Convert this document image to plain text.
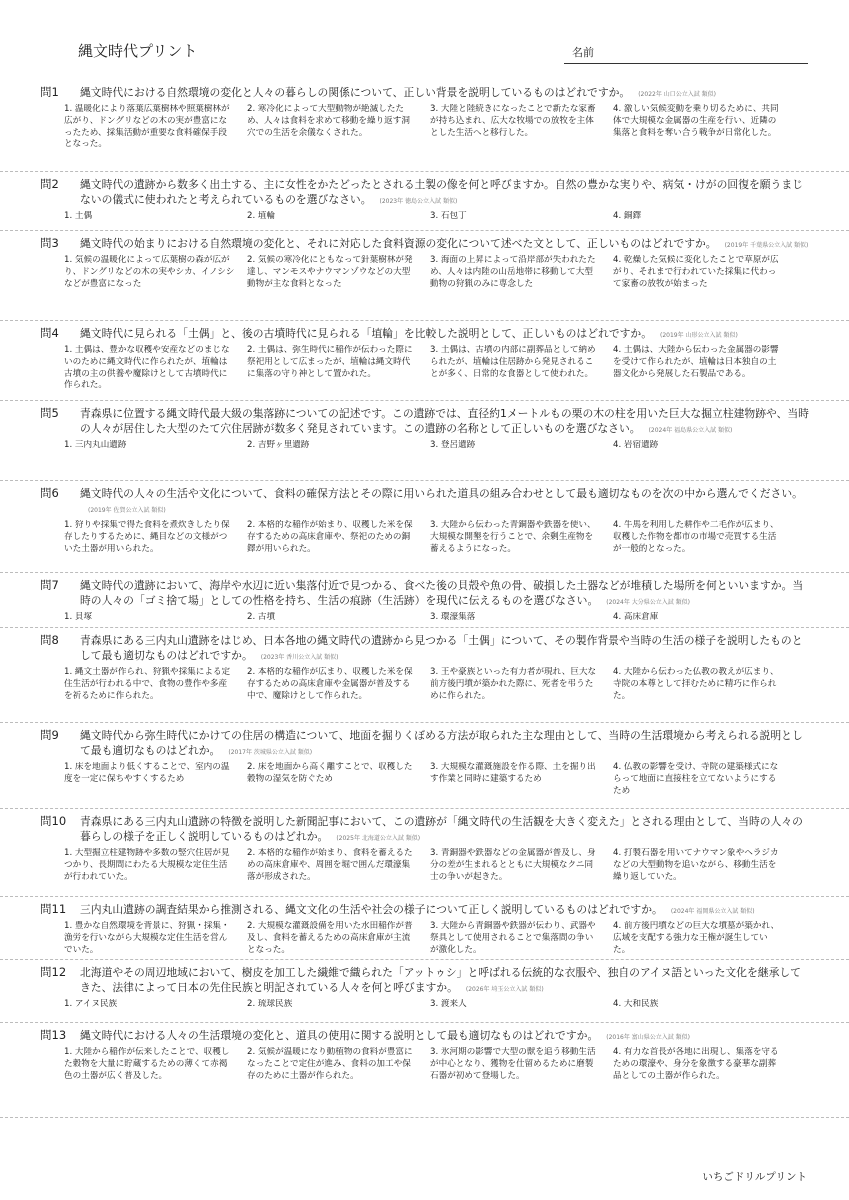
縄文時代プリント	名前
問1	縄文時代における自然環境の変化と人々の暮らしの関係について、正しい背景を説明しているものはどれですか。 (2022年 山口公立入試 類似)
1. 温暖化により落葉広葉樹林や照葉樹林が広がり、ドングリなどの木の実が豊富になったため、採集活動が重要な食料確保手段となった。
2. 寒冷化によって大型動物が絶滅したため、人々は食料を求めて移動を繰り返す洞穴での生活を余儀なくされた。
3. 大陸と陸続きになったことで新たな家畜が持ち込まれ、広大な牧場での放牧を主体とした生活へと移行した。
4. 激しい気候変動を乗り切るために、共同体で大規模な金属器の生産を行い、近隣の集落と食料を奪い合う戦争が日常化した。
問2	縄文時代の遺跡から数多く出土する、主に女性をかたどったとされる土製の像を何と呼びますか。自然の豊かな実りや、病気・けがの回復を願うまじないの儀式に使われたと考えられているものを選びなさい。 (2023年 徳島公立入試 類似)
1. 土偶	2. 埴輪	3. 石包丁	4. 銅鐸
問3	縄文時代の始まりにおける自然環境の変化と、それに対応した食料資源の変化について述べた文として、正しいものはどれですか。 (2019年 千葉県公立入試 類似)
1. 気候の温暖化によって広葉樹の森が広がり、ドングリなどの木の実やシカ、イノシシなどが豊富になった
2. 気候の寒冷化にともなって針葉樹林が発達し、マンモスやナウマンゾウなどの大型動物が主な食料となった
3. 海面の上昇によって沿岸部が失われたため、人々は内陸の山岳地帯に移動して大型動物の狩猟のみに専念した
4. 乾燥した気候に変化したことで草原が広がり、それまで行われていた採集に代わって家畜の放牧が始まった
問4	縄文時代に見られる「土偶」と、後の古墳時代に見られる「埴輪」を比較した説明として、正しいものはどれですか。 (2019年 山形公立入試 類似)
1. 土偶は、豊かな収穫や安産などのまじないのために縄文時代に作られたが、埴輪は古墳の主の供養や魔除けとして古墳時代に作られた。
2. 土偶は、弥生時代に稲作が伝わった際に祭祀用として広まったが、埴輪は縄文時代に集落の守り神として置かれた。
3. 土偶は、古墳の内部に副葬品として納められたが、埴輪は住居跡から発見されることが多く、日常的な食器として使われた。
4. 土偶は、大陸から伝わった金属器の影響を受けて作られたが、埴輪は日本独自の土器文化から発展した石製品である。
問5	青森県に位置する縄文時代最大級の集落跡についての記述です。この遺跡では、直径約1メートルもの栗の木の柱を用いた巨大な掘立柱建物跡や、当時の人々が居住した大型のたて穴住居跡が数多く発見されています。この遺跡の名称として正しいものを選びなさい。 (2024年 福島県公立入試 類似)
1. 三内丸山遺跡	2. 吉野ヶ里遺跡	3. 登呂遺跡	4. 岩宿遺跡
問6	縄文時代の人々の生活や文化について、食料の確保方法とその際に用いられた道具の組み合わせとして最も適切なものを次の中から選んでください。(2019年 佐賀公立入試 類似)
1. 狩りや採集で得た食料を煮炊きしたり保存したりするために、縄目などの文様がついた土器が用いられた。
2. 本格的な稲作が始まり、収穫した米を保存するための高床倉庫や、祭祀のための銅鐸が用いられた。
3. 大陸から伝わった青銅器や鉄器を使い、大規模な開墾を行うことで、余剰生産物を蓄えるようになった。
4. 牛馬を利用した耕作や二毛作が広まり、収穫した作物を都市の市場で売買する生活が一般的となった。
問7	縄文時代の遺跡において、海岸や水辺に近い集落付近で見つかる、食べた後の貝殻や魚の骨、破損した土器などが堆積した場所を何といいますか。当時の人々の「ゴミ捨て場」としての性格を持ち、生活の痕跡（生活跡）を現代に伝えるものを選びなさい。 (2024年 大分県公立入試 類似)
1. 貝塚	2. 古墳	3. 環濠集落	4. 高床倉庫
問8	青森県にある三内丸山遺跡をはじめ、日本各地の縄文時代の遺跡から見つかる「土偶」について、その製作背景や当時の生活の様子を説明したものとして最も適切なものはどれですか。 (2023年 香川公立入試 類似)
1. 縄文土器が作られ、狩猟や採集による定住生活が行われる中で、食物の豊作や多産を祈るために作られた。
2. 本格的な稲作が広まり、収穫した米を保存するための高床倉庫や金属器が普及する中で、魔除けとして作られた。
3. 王や豪族といった有力者が現れ、巨大な前方後円墳が築かれた際に、死者を弔うために作られた。
4. 大陸から伝わった仏教の教えが広まり、寺院の本尊として拝むために精巧に作られた。
問9	縄文時代から弥生時代にかけての住居の構造について、地面を掘りくぼめる方法が取られた主な理由として、当時の生活環境から考えられる説明として最も適切なものはどれか。 (2017年 茨城県公立入試 類似)
1. 床を地面より低くすることで、室内の温度を一定に保ちやすくするため
2. 床を地面から高く離すことで、収穫した穀物の湿気を防ぐため
3. 大規模な灌漑施設を作る際、土を掘り出す作業と同時に建築するため
4. 仏教の影響を受け、寺院の建築様式にならって地面に直接柱を立てないようにするため
問10	青森県にある三内丸山遺跡の特徴を説明した新聞記事において、この遺跡が「縄文時代の生活観を大きく変えた」とされる理由として、当時の人々の暮らしの様子を正しく説明しているものはどれか。 (2025年 北海道公立入試 類似)
1. 大型掘立柱建物跡や多数の竪穴住居が見つかり、長期間にわたる大規模な定住生活が行われていた。
2. 本格的な稲作が始まり、食料を蓄えるための高床倉庫や、周囲を堀で囲んだ環濠集落が形成された。
3. 青銅器や鉄器などの金属器が普及し、身分の差が生まれるとともに大規模なクニ同士の争いが起きた。
4. 打製石器を用いてナウマン象やヘラジカなどの大型動物を追いながら、移動生活を繰り返していた。
問11	三内丸山遺跡の調査結果から推測される、縄文文化の生活や社会の様子について正しく説明しているものはどれですか。 (2024年 福岡県公立入試 類似)
1. 豊かな自然環境を背景に、狩猟・採集・漁労を行いながら大規模な定住生活を営んでいた。
2. 大規模な灌漑設備を用いた水田稲作が普及し、食料を蓄えるための高床倉庫が主流となった。
3. 大陸から青銅器や鉄器が伝わり、武器や祭具として使用されることで集落間の争いが激化した。
4. 前方後円墳などの巨大な墳墓が築かれ、広域を支配する強力な王権が誕生していた。
問12	北海道やその周辺地域において、樹皮を加工した繊維で織られた「アットゥシ」と呼ばれる伝統的な衣服や、独自のアイヌ語といった文化を継承してきた、法律によって日本の先住民族と明記されている人々を何と呼びますか。 (2026年 埼玉公立入試 類似)
1. アイヌ民族	2. 琉球民族	3. 渡来人	4. 大和民族
問13	縄文時代における人々の生活環境の変化と、道具の使用に関する説明として最も適切なものはどれですか。 (2016年 富山県公立入試 類似)
1. 大陸から稲作が伝来したことで、収穫した穀物を大量に貯蔵するための薄くて赤褐色の土器が広く普及した。
2. 気候が温暖になり動植物の食料が豊富になったことで定住が進み、食料の加工や保存のために土器が作られた。
3. 氷河期の影響で大型の獣を追う移動生活が中心となり、獲物を仕留めるために磨製石器が初めて登場した。
4. 有力な首長が各地に出現し、集落を守るための環濠や、身分を象徴する豪華な副葬品としての土器が作られた。
いちごドリルプリント
